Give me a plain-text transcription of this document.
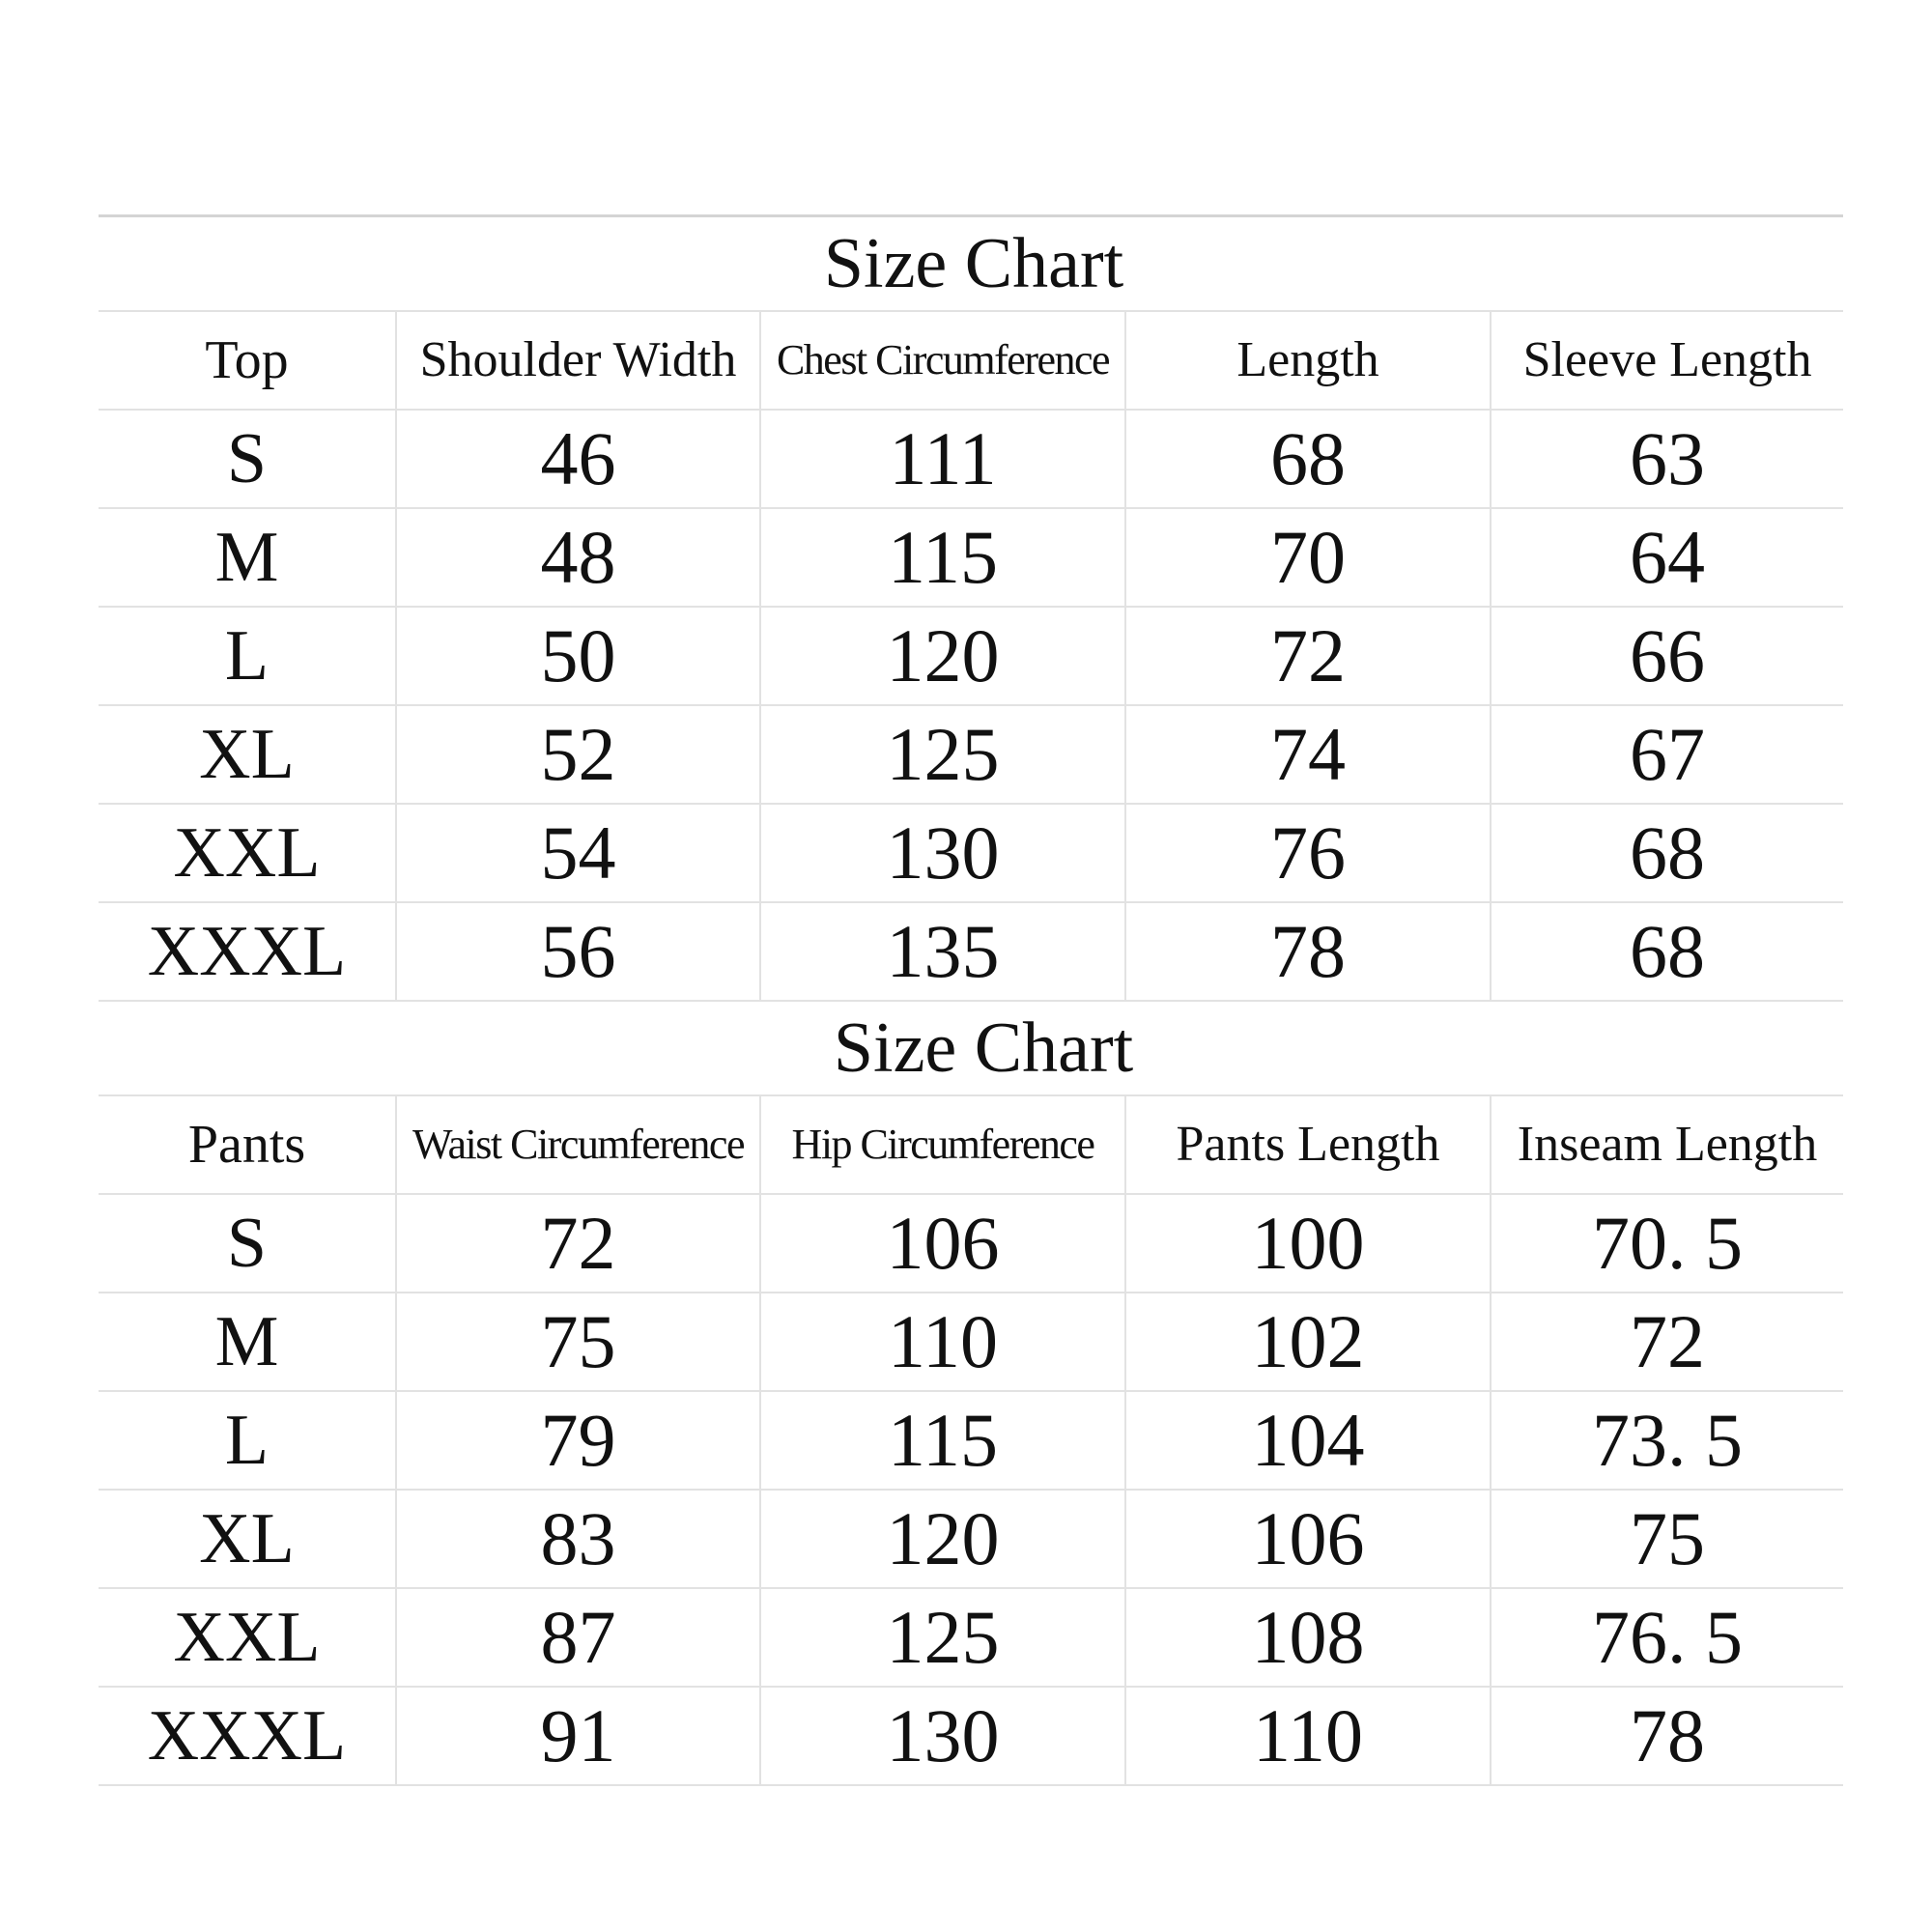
Size Chart				
Top	Shoulder Width	Chest Circumference	Length	Sleeve Length
S	46	111	68	63
M	48	115	70	64
L	50	120	72	66
XL	52	125	74	67
XXL	54	130	76	68
XXXL	56	135	78	68
Size Chart				
Pants	Waist Circumference	Hip Circumference	Pants Length	Inseam Length
S	72	106	100	70. 5
M	75	110	102	72
L	79	115	104	73. 5
XL	83	120	106	75
XXL	87	125	108	76. 5
XXXL	91	130	110	78
